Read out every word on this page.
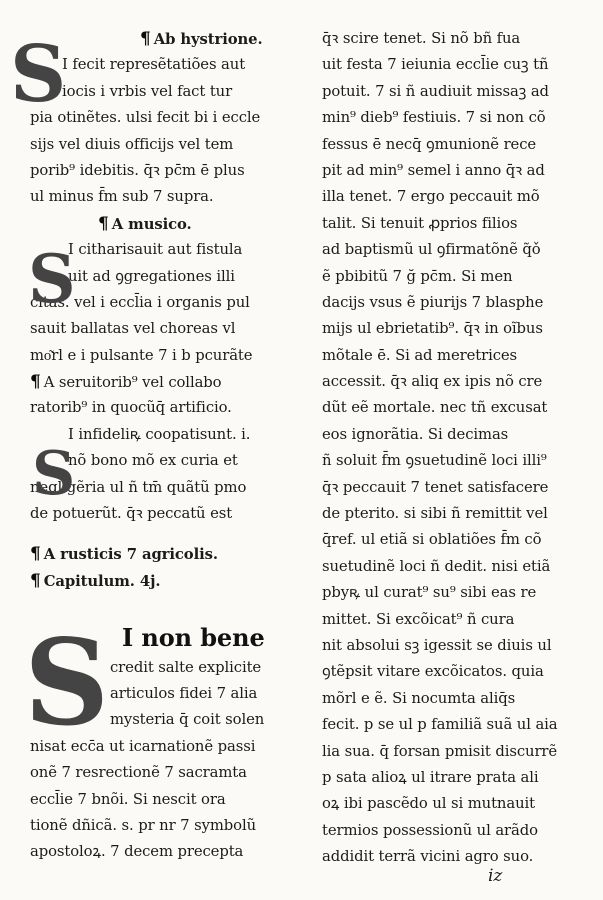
S	¶ Ab hystrione.
I fecit represẽtatiões aut
iocis i vrbis vel fact tur
pia otinẽtes. ulsi fecit bi i eccle
sijs vel diuis officijs vel tem
porib⁹ idebitis. q̄ꝛ pc̄m ē plus
ul minus f̄m sub 7 supra.
¶ A musico.
S
I citharisauit aut fistula
uit ad ꝯgregationes illi
citas. vel i eccl̄ia i organis pul
sauit ballatas vel choreas vl
mo͂rl e i pulsante 7 i b pcurãte
¶ A seruitorib⁹ vel collabo
ratorib⁹ in quocũq̄ artificio.
S
I infideliꝶ coopatisunt. i.
nõ bono mõ ex curia et
negligẽria ul ñ tm̄ quãtũ pmo
de potuerũt. q̄ꝛ peccatũ est
¶ A rusticis 7 agricolis.
¶ Capitulum. 4j.
S I non bene
credit salte explicite
articulos fidei 7 alia
mysteria q̄ coit solen
nisat ecc̄a ut icarnationẽ passi
onẽ 7 resrectionẽ 7 sacramta
eccl̄ie 7 bnõi. Si nescit ora
tionẽ dñicã. s. pr nr 7 symbolũ
apostoloꝝ. 7 decem precepta
q̄ꝛ scire tenet. Si nõ bñ fua
uit festa 7 ieiunia eccl̄ie cuꝫ tñ
potuit. 7 si ñ audiuit missaꝫ ad
min⁹ dieb⁹ festiuis. 7 si non cõ
fessus ē necq̄ ꝯmunionẽ rece
pit ad min⁹ semel i anno q̄ꝛ ad
illa tenet. 7 ergo peccauit mõ
talit. Si tenuit ꝓprios filios
ad baptismũ ul ꝯfirmatõnẽ q̃ǒ
ẽ pbibitũ 7 ğ pc̄m. Si men
dacijs vsus ẽ piurijs 7 blasphe
mijs ul ebrietatib⁹. q̄ꝛ in oĩbus
mõtale ē. Si ad meretrices
accessit. q̄ꝛ aliq ex ipis nõ cre
dũt eẽ mortale. nec tñ excusat
eos ignorãtia. Si decimas
ñ soluit f̄m ꝯsuetudinẽ loci illi⁹
q̄ꝛ peccauit 7 tenet satisfacere
de pterito. si sibi ñ remittit vel
q̄ref. ul etiã si oblatiões f̄m cõ
suetudinẽ loci ñ dedit. nisi etiã
pbyꝶ ul curat⁹ su⁹ sibi eas re
mittet. Si excõicat⁹ ñ cura
nit absolui sꝫ igessit se diuis ul
ꝯtẽpsit vitare excõicatos. quia
mõrl e ẽ. Si nocumta aliq̄s
fecit. p se ul p familiã suã ul aia
lia sua. q̄ forsan pmisit discurrẽ
p sata alioꝝ ul itrare prata ali
oꝝ ibi pascẽdo ul si mutnauit
termios possessionũ ul arãdo
addidit terrã vicini agro suo.
iz
